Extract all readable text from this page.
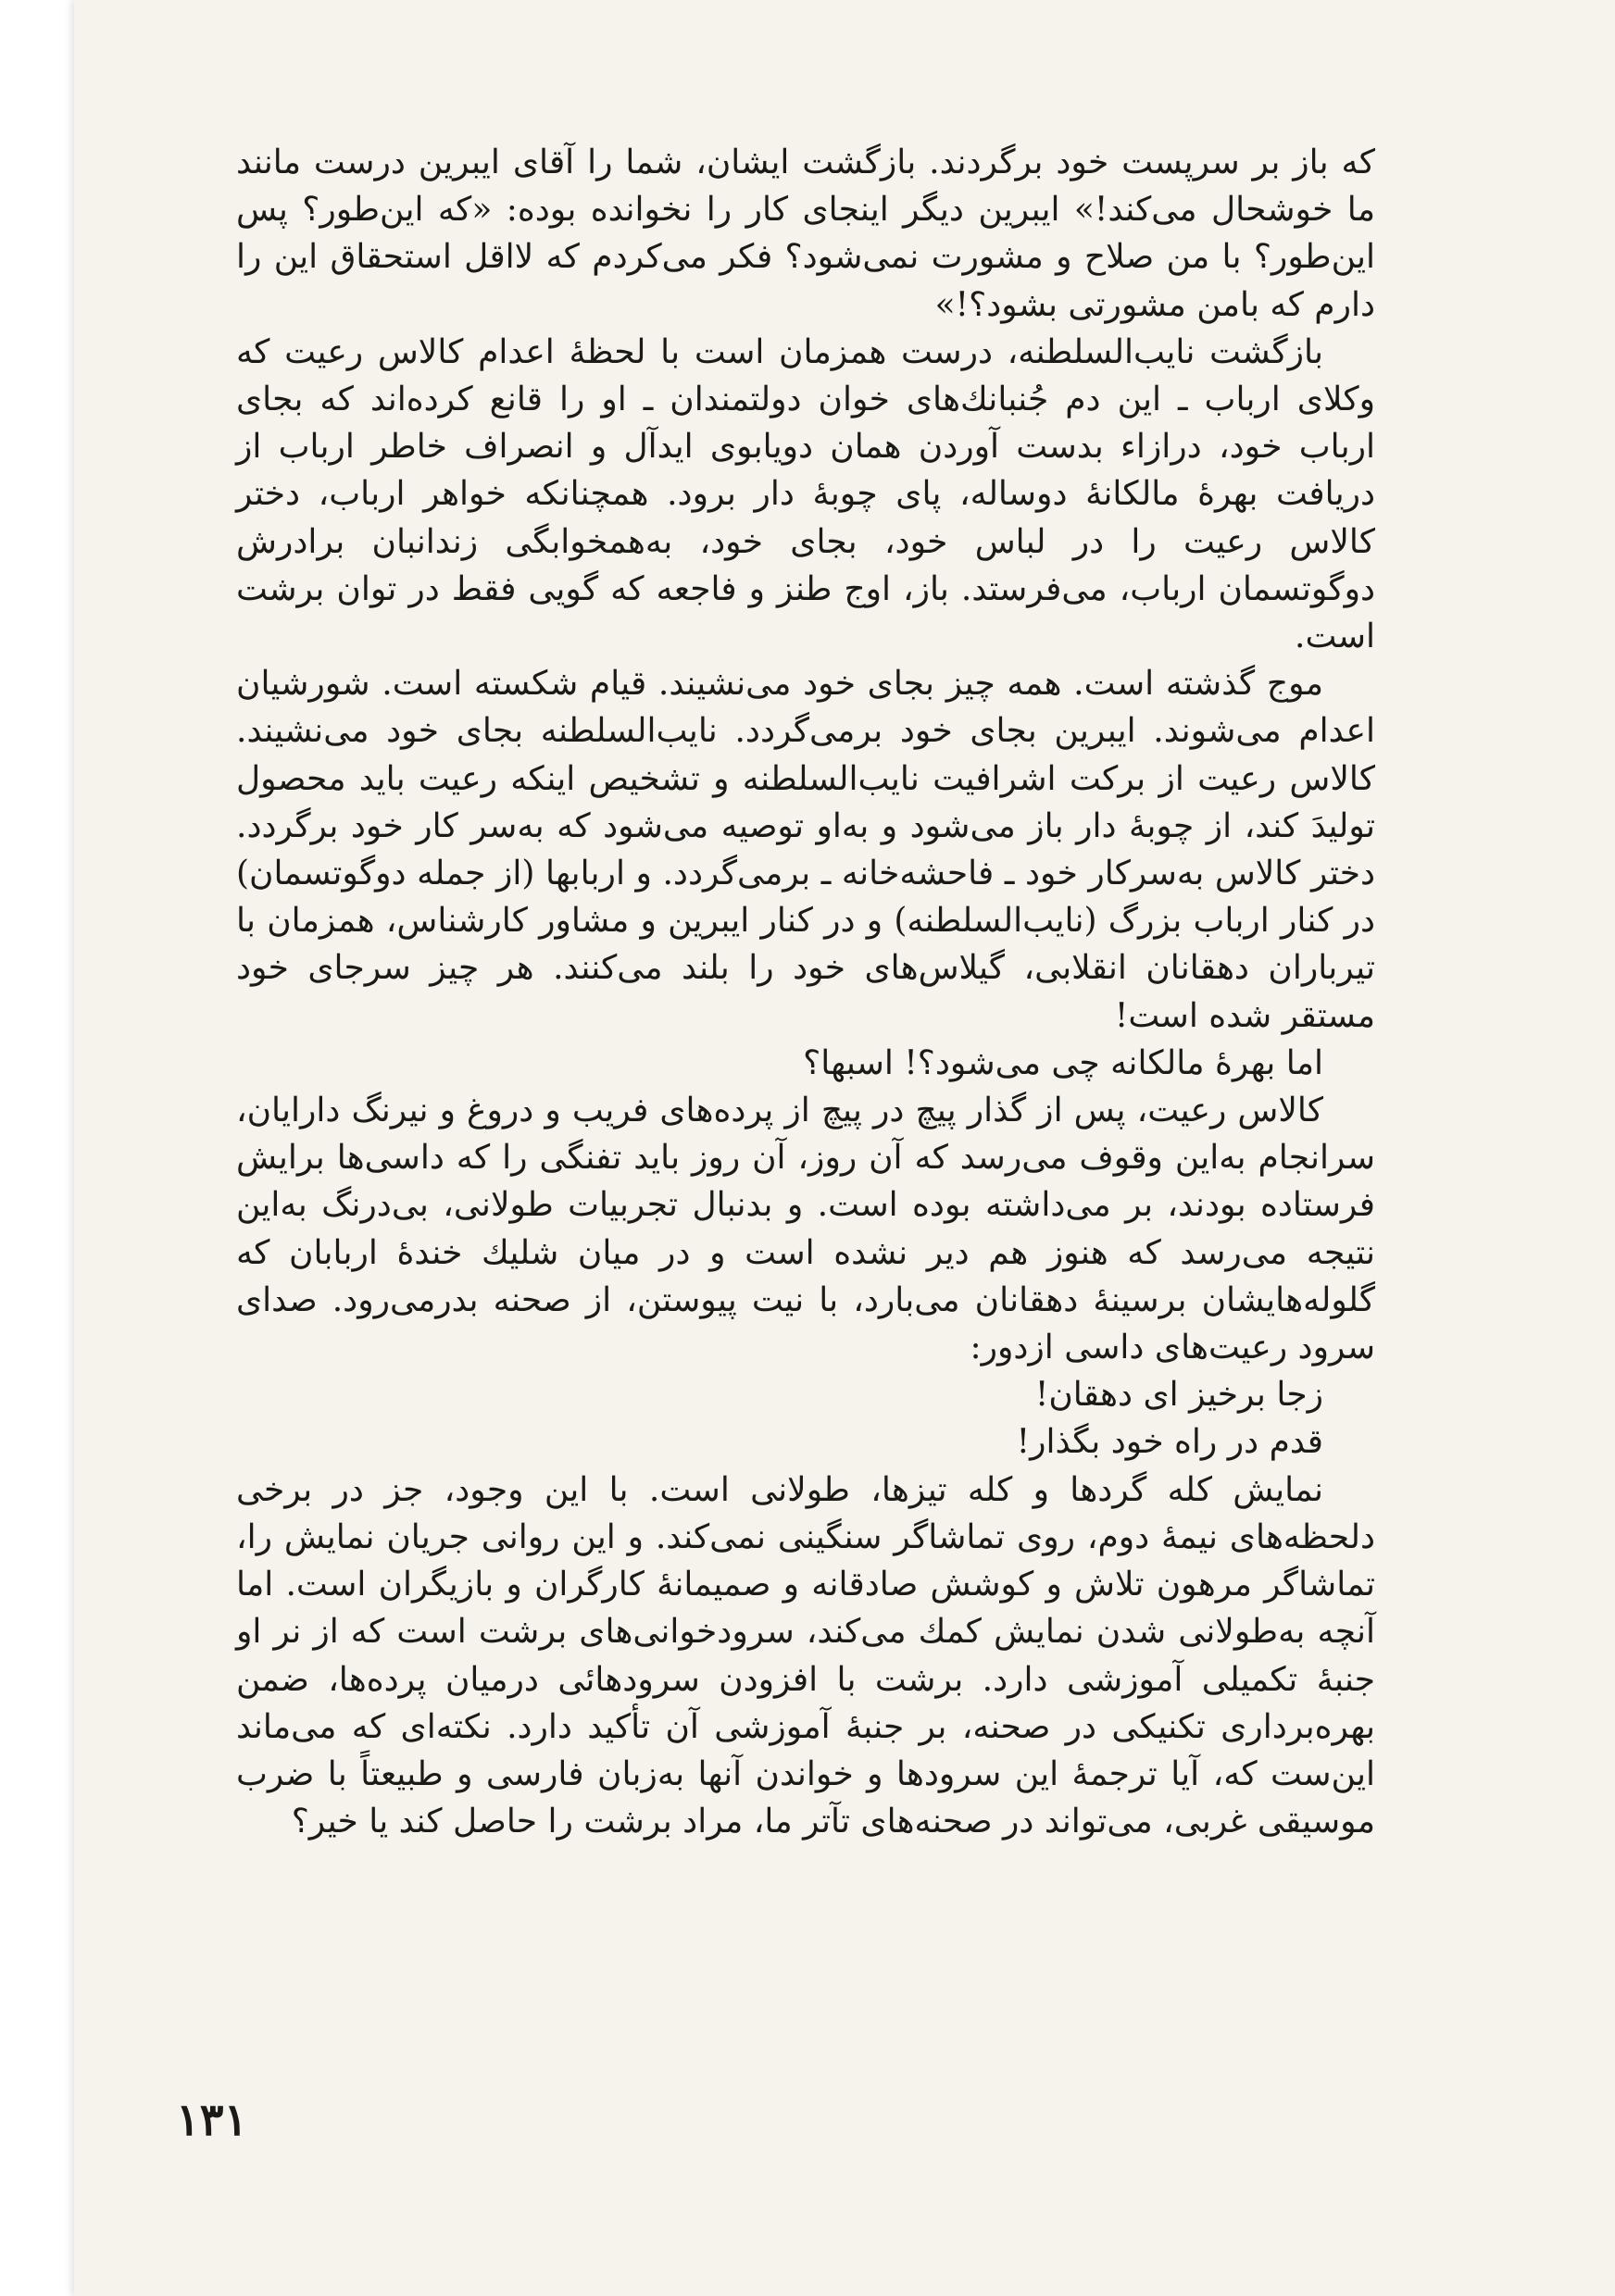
که باز بر سرپست خود برگردند. بازگشت ایشان، شما را آقای ایبرین درست مانند ما خوشحال می‌کند!» ایبرین دیگر اینجای کار را نخوانده بوده: «که این‌طور؟ پس این‌طور؟ با من صلاح و مشورت نمی‌شود؟ فکر می‌کردم که لااقل استحقاق این را دارم که بامن مشورتی بشود؟!»

بازگشت نایب‌السلطنه، درست همزمان است با لحظهٔ اعدام کالاس رعیت که وکلای ارباب ـ این دم جُنبانك‌های خوان دولتمندان ـ او را قانع کرده‌اند که بجای ارباب خود، درازاء بدست آوردن همان دویابوی ایدآل و انصراف خاطر ارباب از دریافت بهرهٔ مالکانهٔ دوساله، پای چوبهٔ دار برود. همچنانکه خواهر ارباب، دختر کالاس رعیت را در لباس خود، بجای خود، به‌همخوابگی زندانبان برادرش دوگوتسمان ارباب، می‌فرستد. باز، اوج طنز و فاجعه که گویی فقط در توان برشت است.

موج گذشته است. همه چیز بجای خود می‌نشیند. قیام شکسته است. شورشیان اعدام می‌شوند. ایبرین بجای خود برمی‌گردد. نایب‌السلطنه بجای خود می‌نشیند. کالاس رعیت از برکت اشرافیت نایب‌السلطنه و تشخیص اینکه رعیت باید محصول تولیدَ کند، از چوبهٔ دار باز می‌شود و به‌او توصیه می‌شود که به‌سر کار خود برگردد. دختر کالاس به‌سرکار خود ـ فاحشه‌خانه ـ برمی‌گردد. و اربابها (از جمله دوگوتسمان) در کنار ارباب بزرگ (نایب‌السلطنه) و در کنار ایبرین و مشاور کارشناس، همزمان با تیرباران دهقانان انقلابی، گیلاس‌های خود را بلند می‌کنند. هر چیز سرجای خود مستقر شده است!

اما بهرهٔ مالکانه چی می‌شود؟! اسبها؟

کالاس رعیت، پس از گذار پیچ در پیچ از پرده‌های فریب و دروغ و نیرنگ دارایان، سرانجام به‌این وقوف می‌رسد که آن روز، آن روز باید تفنگی را که داسی‌ها برایش فرستاده بودند، بر می‌داشته بوده است. و بدنبال تجربیات طولانی، بی‌درنگ به‌این نتیجه می‌رسد که هنوز هم دیر نشده است و در میان شلیك خندهٔ اربابان که گلوله‌هایشان برسینهٔ دهقانان می‌بارد، با نیت پیوستن، از صحنه بدرمی‌رود. صدای سرود رعیت‌های داسی ازدور:

زجا برخیز ای دهقان!

قدم در راه خود بگذار!

نمایش کله گردها و کله تیزها، طولانی است. با این وجود، جز در برخی دلحظه‌های نیمهٔ دوم، روی تماشاگر سنگینی نمی‌کند. و این روانی جریان نمایش را، تماشاگر مرهون تلاش و کوشش صادقانه و صمیمانهٔ کارگران و بازیگران است. اما آنچه به‌طولانی شدن نمایش کمك می‌کند، سرودخوانی‌های برشت است که از نر او جنبهٔ تکمیلی آموزشی دارد. برشت با افزودن سرودهائی درمیان پرده‌ها، ضمن بهره‌برداری تکنیکی در صحنه، بر جنبهٔ آموزشی آن تأکید دارد. نکته‌ای که می‌ماند این‌ست که، آیا ترجمهٔ این سرودها و خواندن آنها به‌زبان فارسی و طبیعتاً با ضرب موسیقی غربی، می‌تواند در صحنه‌های تآتر ما، مراد برشت را حاصل کند یا خیر؟

۱۳۱
